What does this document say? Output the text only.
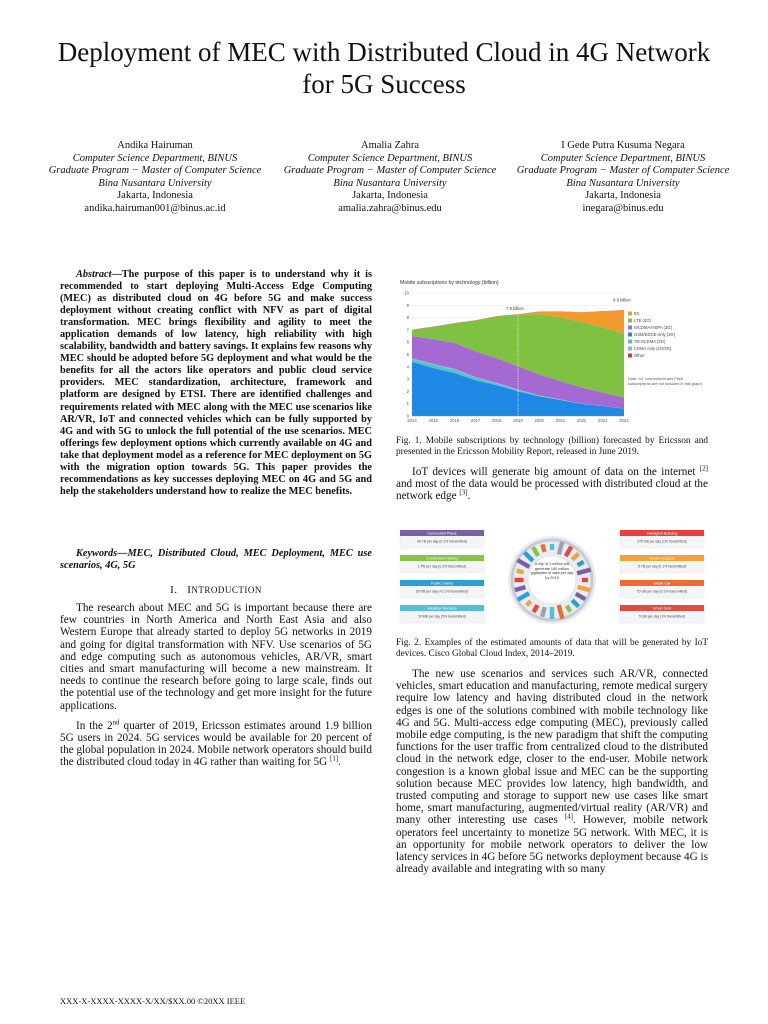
Deployment of MEC with Distributed Cloud in 4G Network for 5G Success
Andika Hairuman
Computer Science Department, BINUS
Graduate Program − Master of Computer Science
Bina Nusantara University
Jakarta, Indonesia
andika.hairuman001@binus.ac.id
Amalia Zahra
Computer Science Department, BINUS
Graduate Program − Master of Computer Science
Bina Nusantara University
Jakarta, Indonesia
amalia.zahra@binus.edu
I Gede Putra Kusuma Negara
Computer Science Department, BINUS
Graduate Program − Master of Computer Science
Bina Nusantara University
Jakarta, Indonesia
inegara@binus.edu
Abstract—The purpose of this paper is to understand why it is recommended to start deploying Multi-Access Edge Computing (MEC) as distributed cloud on 4G before 5G and make success deployment without creating conflict with NFV as part of digital transformation. MEC brings flexibility and agility to meet the application demands of low latency, high reliability with high scalability, bandwidth and battery savings. It explains few reasons why MEC should be adopted before 5G deployment and what would be the benefits for all the actors like operators and public cloud service providers. MEC standardization, architecture, framework and platform are designed by ETSI. There are identified challenges and requirements related with MEC along with the MEC use scenarios like AR/VR, IoT and connected vehicles which can be fully supported by 4G and with 5G to unlock the full potential of the use scenarios. MEC offerings few deployment options which currently available on 4G and take that deployment model as a reference for MEC deployment on 5G with the migration option towards 5G. This paper provides the recommendations as key successes deploying MEC on 4G and 5G and help the stakeholders understand how to realize the MEC benefits.
Keywords—MEC, Distributed Cloud, MEC Deployment, MEC use scenarios, 4G, 5G
I. INTRODUCTION

The research about MEC and 5G is important because there are few countries in North America and North East Asia and also Western Europe that already started to deploy 5G networks in 2019 and going for digital transformation with NFV. Use scenarios of 5G and edge computing such as autonomous vehicles, AR/VR, smart cities and smart manufacturing will become a new mainstream. It needs to continue the research before going to large scale, finds out the potential use of the technology and get more insight for the future applications.

In the 2nd quarter of 2019, Ericsson estimates around 1.9 billion 5G users in 2024. 5G services would be available for 20 percent of the global population in 2024. Mobile network operators should build the distributed cloud today in 4G rather than waiting for 5G [1].

Mobile subscriptions by technology (billion)
0
1
2
3
4
5
6
7
8
9
10
2014	2015	2016	2017	2018	2019	2020	2021	2022	2023	2024
5G
LTE (4G)
WCDMA/HSPA (3G)
GSM/EDGE-only (2G)
TD-SCDMA (3G)
CDMA only (2G/3G)
Other
7.9 billion
8.9 billion
Note: IoT connections and FWA subscriptions are not included in this graph
Fig. 1. Mobile subscriptions by technology (billion) forecasted by Ericsson and presented in the Ericsson Mobility Report, released in June 2019.

IoT devices will generate big amount of data on the internet [2] and most of the data would be processed with distributed cloud at the network edge [3].

Connected Plane
40 TB per day (0.1% transmitted)
Connected Factory
1 PB per day (0.2% transmitted)
Public Safety
50 PB per day (<0.1% transmitted)
Weather Sensors
10 MB per day (5% transmitted)
Intelligent Building
275 GB per day (1% transmitted)
Smart Hospital
5 TB per day (0.1% transmitted)
Smart Car
70 GB per day (0.1% transmitted)
Smart Grid
5 GB per day (1% transmitted)
A city of 1 million will generate 180 million gigabytes of data per day by 2019
Fig. 2. Examples of the estimated amounts of data that will be generated by IoT devices. Cisco Global Cloud Index, 2014–2019.

The new use scenarios and services such AR/VR, connected vehicles, smart education and manufacturing, remote medical surgery require low latency and having distributed cloud in the network edges is one of the solutions combined with mobile technology like 4G and 5G. Multi-access edge computing (MEC), previously called mobile edge computing, is the new paradigm that shift the computing functions for the user traffic from centralized cloud to the distributed cloud in the network edge, closer to the end-user. Mobile network congestion is a known global issue and MEC can be the supporting solution because MEC provides low latency, high bandwidth, and trusted computing and storage to support new use cases like smart home, smart manufacturing, augmented/virtual reality (AR/VR) and many other interesting use cases [4]. However, mobile network operators feel uncertainty to monetize 5G network. With MEC, it is an opportunity for mobile network operators to deliver the low latency services in 4G before 5G networks deployment because 4G is already available and integrating with so many

XXX-X-XXXX-XXXX-X/XX/$XX.00 ©20XX IEEE
